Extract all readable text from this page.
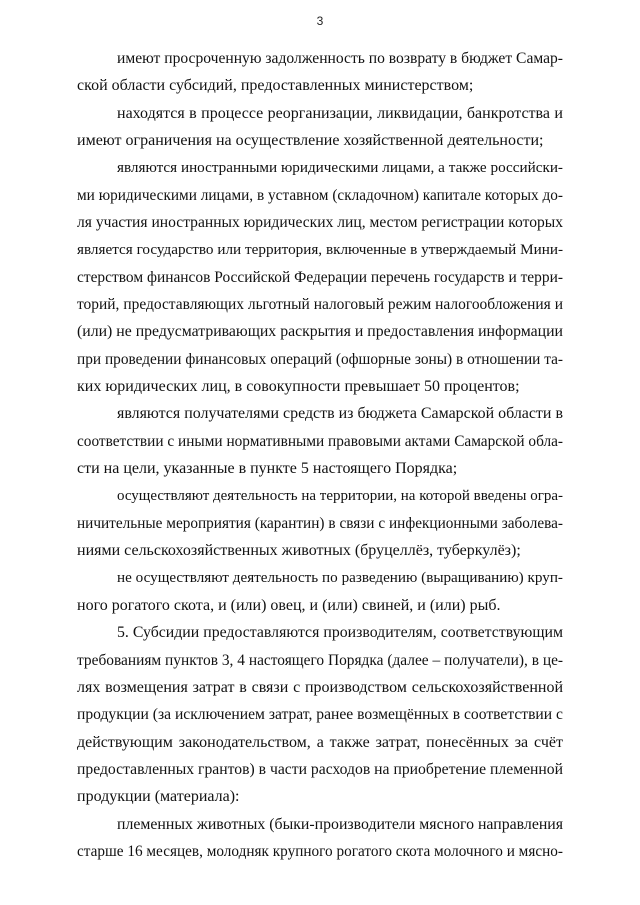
3
имеют просроченную задолженность по возврату в бюджет Самар-
ской области субсидий, предоставленных министерством;
находятся в процессе реорганизации, ликвидации, банкротства и
имеют ограничения на осуществление хозяйственной деятельности;
являются иностранными юридическими лицами, а также российски-
ми юридическими лицами, в уставном (складочном) капитале которых до-
ля участия иностранных юридических лиц, местом регистрации которых
является государство или территория, включенные в утверждаемый Мини-
стерством финансов Российской Федерации перечень государств и терри-
торий, предоставляющих льготный налоговый режим налогообложения и
(или) не предусматривающих раскрытия и предоставления информации
при проведении финансовых операций (офшорные зоны) в отношении та-
ких юридических лиц, в совокупности превышает 50 процентов;
являются получателями средств из бюджета Самарской области в
соответствии с иными нормативными правовыми актами Самарской обла-
сти на цели, указанные в пункте 5 настоящего Порядка;
осуществляют деятельность на территории, на которой введены огра-
ничительные мероприятия (карантин) в связи с инфекционными заболева-
ниями сельскохозяйственных животных (бруцеллёз, туберкулёз);
не осуществляют деятельность по разведению (выращиванию) круп-
ного рогатого скота, и (или) овец, и (или) свиней, и (или) рыб.
5. Субсидии предоставляются производителям, соответствующим
требованиям пунктов 3, 4 настоящего Порядка (далее – получатели), в це-
лях возмещения затрат в связи с производством сельскохозяйственной
продукции (за исключением затрат, ранее возмещённых в соответствии с
действующим законодательством, а также затрат, понесённых за счёт
предоставленных грантов) в части расходов на приобретение племенной
продукции (материала):
племенных животных (быки-производители мясного направления
старше 16 месяцев, молодняк крупного рогатого скота молочного и мясно-
